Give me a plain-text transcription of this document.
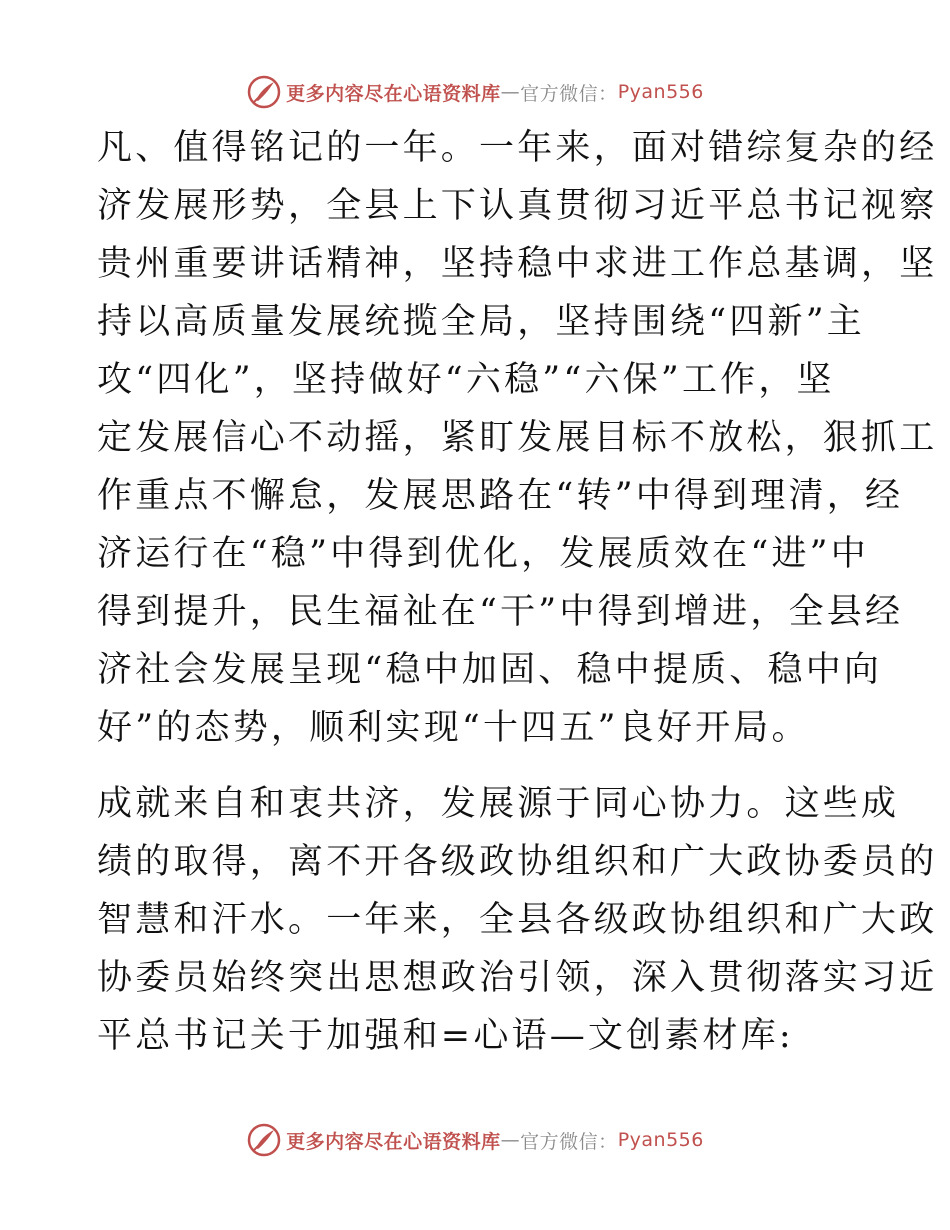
更多内容尽在心语资料库 — 官方微信： Pyan556
凡、值得铭记的一年。一年来，面对错综复杂的经
济发展形势，全县上下认真贯彻习近平总书记视察
贵州重要讲话精神，坚持稳中求进工作总基调，坚
持以高质量发展统揽全局，坚持围绕“四新”主
攻“四化”，坚持做好“六稳”“六保”工作，坚
定发展信心不动摇，紧盯发展目标不放松，狠抓工
作重点不懈怠，发展思路在“转”中得到理清，经
济运行在“稳”中得到优化，发展质效在“进”中
得到提升，民生福祉在“干”中得到增进，全县经
济社会发展呈现“稳中加固、稳中提质、稳中向
好”的态势，顺利实现“十四五”良好开局。
成就来自和衷共济，发展源于同心协力。这些成
绩的取得，离不开各级政协组织和广大政协委员的
智慧和汗水。一年来，全县各级政协组织和广大政
协委员始终突出思想政治引领，深入贯彻落实习近
平总书记关于加强和=心语—文创素材库:
更多内容尽在心语资料库 — 官方微信： Pyan556
